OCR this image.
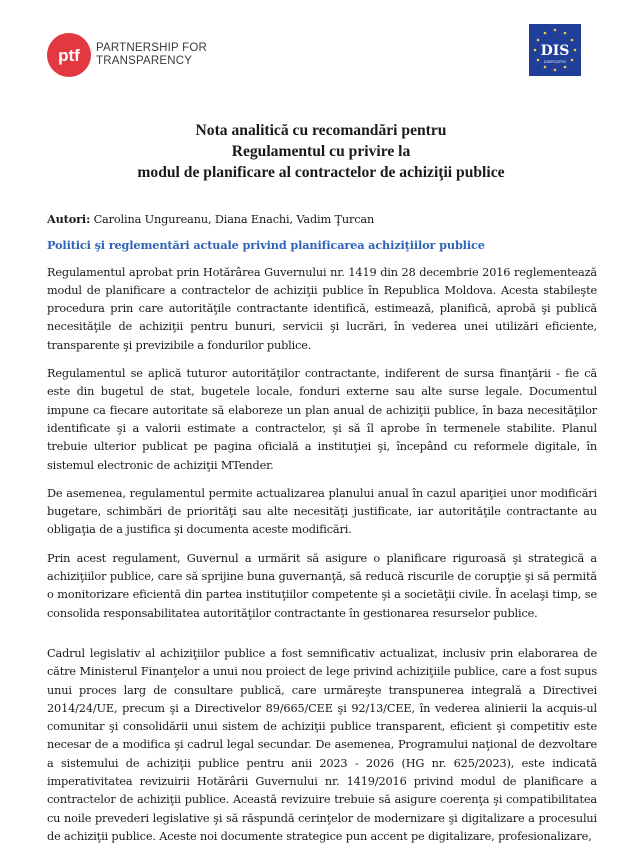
ptf PARTNERSHIP FOR
TRANSPARENCY
DIS
DISPOZITIV
Nota analitică cu recomandări pentru
Regulamentul cu privire la
modul de planificare al contractelor de achiziţii publice

Autori: Carolina Ungureanu, Diana Enachi, Vadim Ţurcan

Politici şi reglementări actuale privind planificarea achiziţiilor publice

Regulamentul aprobat prin Hotărârea Guvernului nr. 1419 din 28 decembrie 2016 reglementează modul de planificare a contractelor de achiziţii publice în Republica Moldova. Acesta stabileşte procedura prin care autorităţile contractante identifică, estimează, planifică, aprobă şi publică necesităţile de achiziţii pentru bunuri, servicii şi lucrări, în vederea unei utilizări eficiente, transparente şi previzibile a fondurilor publice.

Regulamentul se aplică tuturor autorităţilor contractante, indiferent de sursa finanţării - fie că este din bugetul de stat, bugetele locale, fonduri externe sau alte surse legale. Documentul impune ca fiecare autoritate să elaboreze un plan anual de achiziţii publice, în baza necesităţilor identificate şi a valorii estimate a contractelor, şi să îl aprobe în termenele stabilite. Planul trebuie ulterior publicat pe pagina oficială a instituţiei şi, începând cu reformele digitale, în sistemul electronic de achiziţii MTender.

De asemenea, regulamentul permite actualizarea planului anual în cazul apariţiei unor modificări bugetare, schimbări de priorităţi sau alte necesităţi justificate, iar autorităţile contractante au obligaţia de a justifica şi documenta aceste modificări.

Prin acest regulament, Guvernul a urmărit să asigure o planificare riguroasă şi strategică a achiziţiilor publice, care să sprijine buna guvernanţă, să reducă riscurile de corupţie şi să permită o monitorizare eficientă din partea instituţiilor competente şi a societăţii civile. În acelaşi timp, se consolida responsabilitatea autorităţilor contractante în gestionarea resurselor publice.

Cadrul legislativ al achiziţiilor publice a fost semnificativ actualizat, inclusiv prin elaborarea de către Ministerul Finanţelor a unui nou proiect de lege privind achiziţiile publice, care a fost supus unui proces larg de consultare publică, care urmăreşte transpunerea integrală a Directivei 2014/24/UE, precum şi a Directivelor 89/665/CEE şi 92/13/CEE, în vederea alinierii la acquis-ul comunitar şi consolidării unui sistem de achiziţii publice transparent, eficient şi competitiv este necesar de a modifica şi cadrul legal secundar. De asemenea, Programului naţional de dezvoltare a sistemului de achiziţii publice pentru anii 2023 - 2026 (HG nr. 625/2023), este indicată imperativitatea revizuirii Hotărârii Guvernului nr. 1419/2016 privind modul de planificare a contractelor de achiziţii publice. Această revizuire trebuie să asigure coerenţa şi compatibilitatea cu noile prevederi legislative şi să răspundă cerinţelor de modernizare şi digitalizare a procesului de achiziţii publice. Aceste noi documente strategice pun accent pe digitalizare, profesionalizare,
